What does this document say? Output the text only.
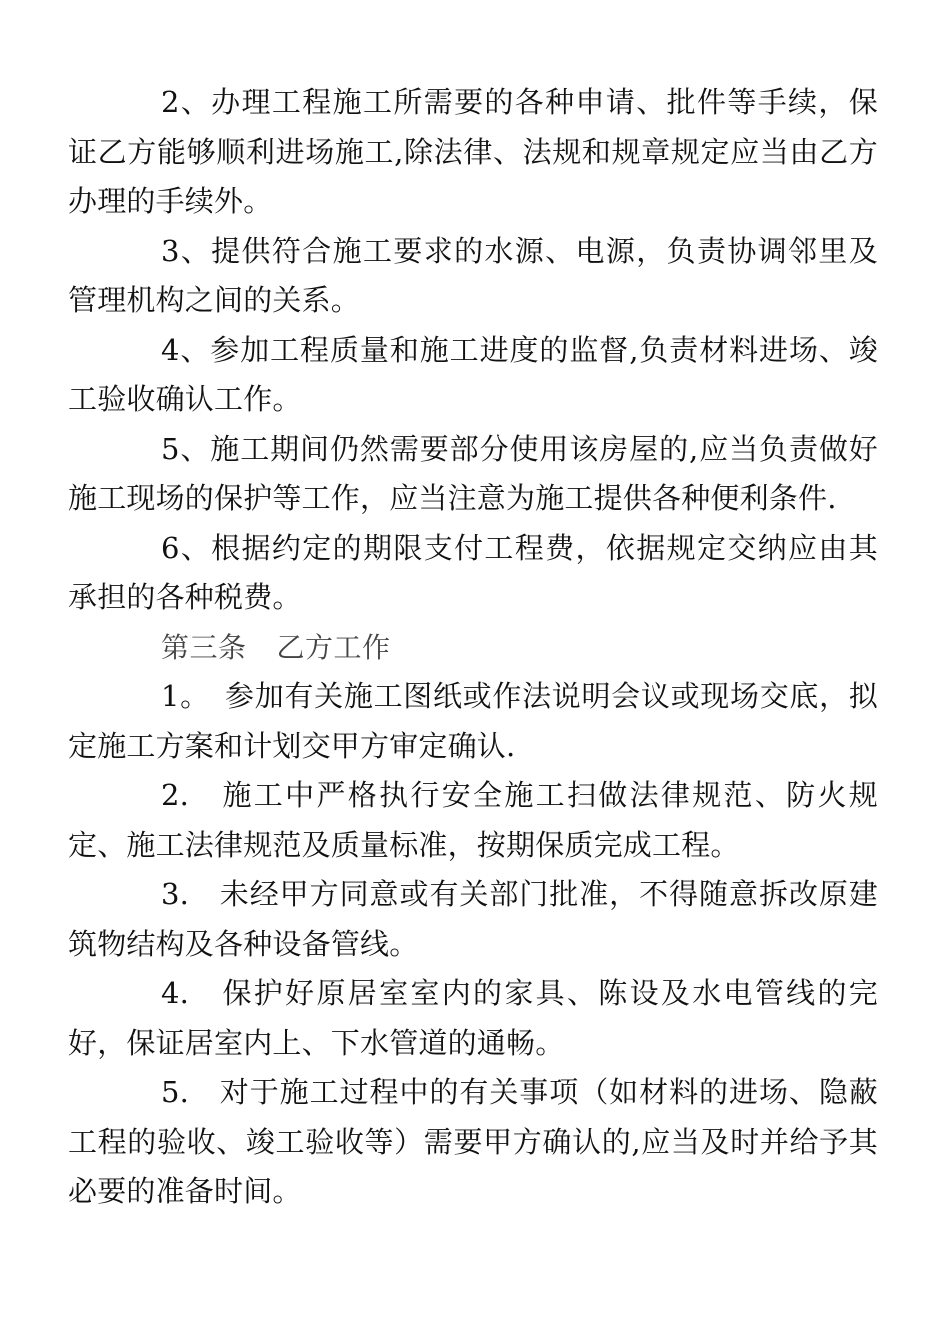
2、办理工程施工所需要的各种申请、批件等手续，保证乙方能够顺利进场施工,除法律、法规和规章规定应当由乙方办理的手续外。

3、提供符合施工要求的水源、电源，负责协调邻里及管理机构之间的关系。

4、参加工程质量和施工进度的监督,负责材料进场、竣工验收确认工作。

5、施工期间仍然需要部分使用该房屋的,应当负责做好施工现场的保护等工作，应当注意为施工提供各种便利条件.

6、根据约定的期限支付工程费，依据规定交纳应由其承担的各种税费。

第三条 乙方工作

1。　参加有关施工图纸或作法说明会议或现场交底，拟定施工方案和计划交甲方审定确认.

2.　施工中严格执行安全施工扫做法律规范、防火规定、施工法律规范及质量标准，按期保质完成工程。

3.　未经甲方同意或有关部门批准，不得随意拆改原建筑物结构及各种设备管线。

4.　保护好原居室室内的家具、陈设及水电管线的完好，保证居室内上、下水管道的通畅。

5.　对于施工过程中的有关事项（如材料的进场、隐蔽工程的验收、竣工验收等）需要甲方确认的,应当及时并给予其必要的准备时间。
